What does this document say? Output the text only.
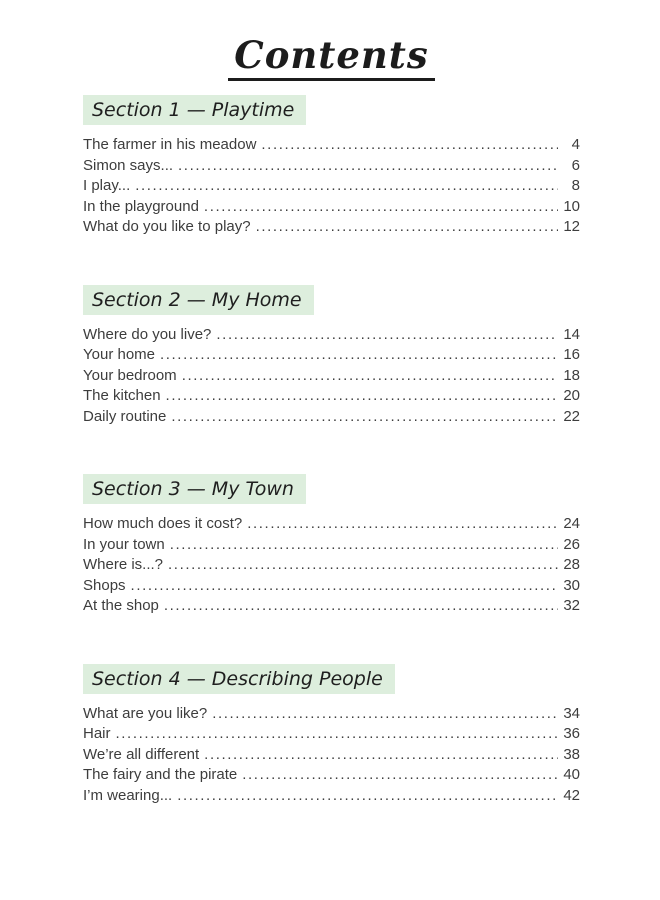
Contents
Section 1 — Playtime
The farmer in his meadow .....	4
Simon says... .....	6
I play... .....	8
In the playground .....	10
What do you like to play? .....	12
Section 2 — My Home
Where do you live? .....	14
Your home .....	16
Your bedroom .....	18
The kitchen .....	20
Daily routine .....	22
Section 3 — My Town
How much does it cost? .....	24
In your town .....	26
Where is...? .....	28
Shops .....	30
At the shop .....	32
Section 4 — Describing People
What are you like? .....	34
Hair .....	36
We’re all different .....	38
The fairy and the pirate .....	40
I’m wearing... .....	42
